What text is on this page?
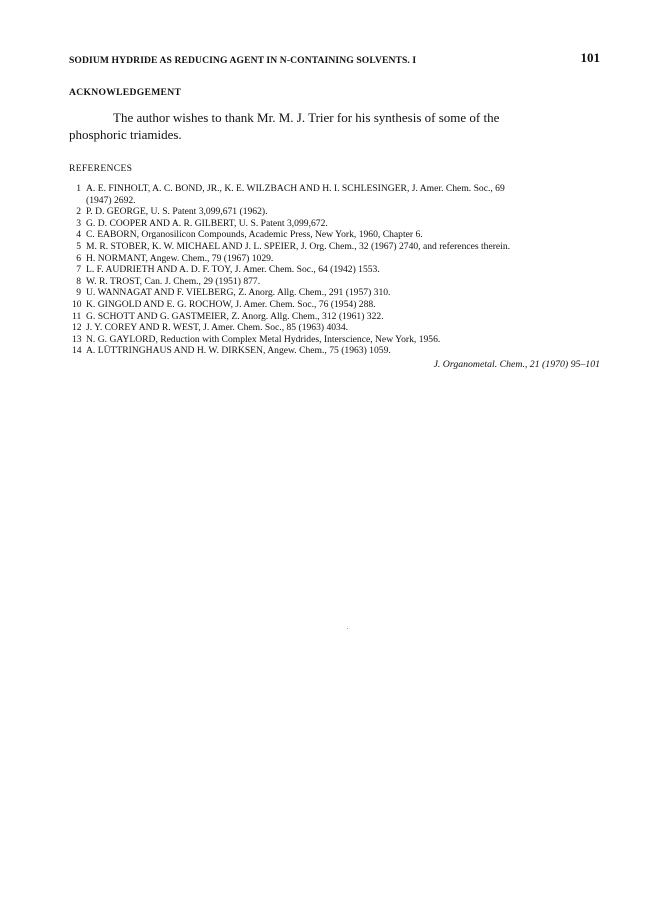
SODIUM HYDRIDE AS REDUCING AGENT IN N-CONTAINING SOLVENTS. I	101
ACKNOWLEDGEMENT

The author wishes to thank Mr. M. J. Trier for his synthesis of some of the
phosphoric triamides.

REFERENCES
1 A. E. FINHOLT, A. C. BOND, JR., K. E. WILZBACH AND H. I. SCHLESINGER, J. Amer. Chem. Soc., 69
(1947) 2692.
2 P. D. GEORGE, U. S. Patent 3,099,671 (1962).
3 G. D. COOPER AND A. R. GILBERT, U. S. Patent 3,099,672.
4 C. EABORN, Organosilicon Compounds, Academic Press, New York, 1960, Chapter 6.
5 M. R. STOBER, K. W. MICHAEL AND J. L. SPEIER, J. Org. Chem., 32 (1967) 2740, and references therein.
6 H. NORMANT, Angew. Chem., 79 (1967) 1029.
7 L. F. AUDRIETH AND A. D. F. TOY, J. Amer. Chem. Soc., 64 (1942) 1553.
8 W. R. TROST, Can. J. Chem., 29 (1951) 877.
9 U. WANNAGAT AND F. VIELBERG, Z. Anorg. Allg. Chem., 291 (1957) 310.
10 K. GINGOLD AND E. G. ROCHOW, J. Amer. Chem. Soc., 76 (1954) 288.
11 G. SCHOTT AND G. GASTMEIER, Z. Anorg. Allg. Chem., 312 (1961) 322.
12 J. Y. COREY AND R. WEST, J. Amer. Chem. Soc., 85 (1963) 4034.
13 N. G. GAYLORD, Reduction with Complex Metal Hydrides, Interscience, New York, 1956.
14 A. LÜTTRINGHAUS AND H. W. DIRKSEN, Angew. Chem., 75 (1963) 1059.
J. Organometal. Chem., 21 (1970) 95–101
